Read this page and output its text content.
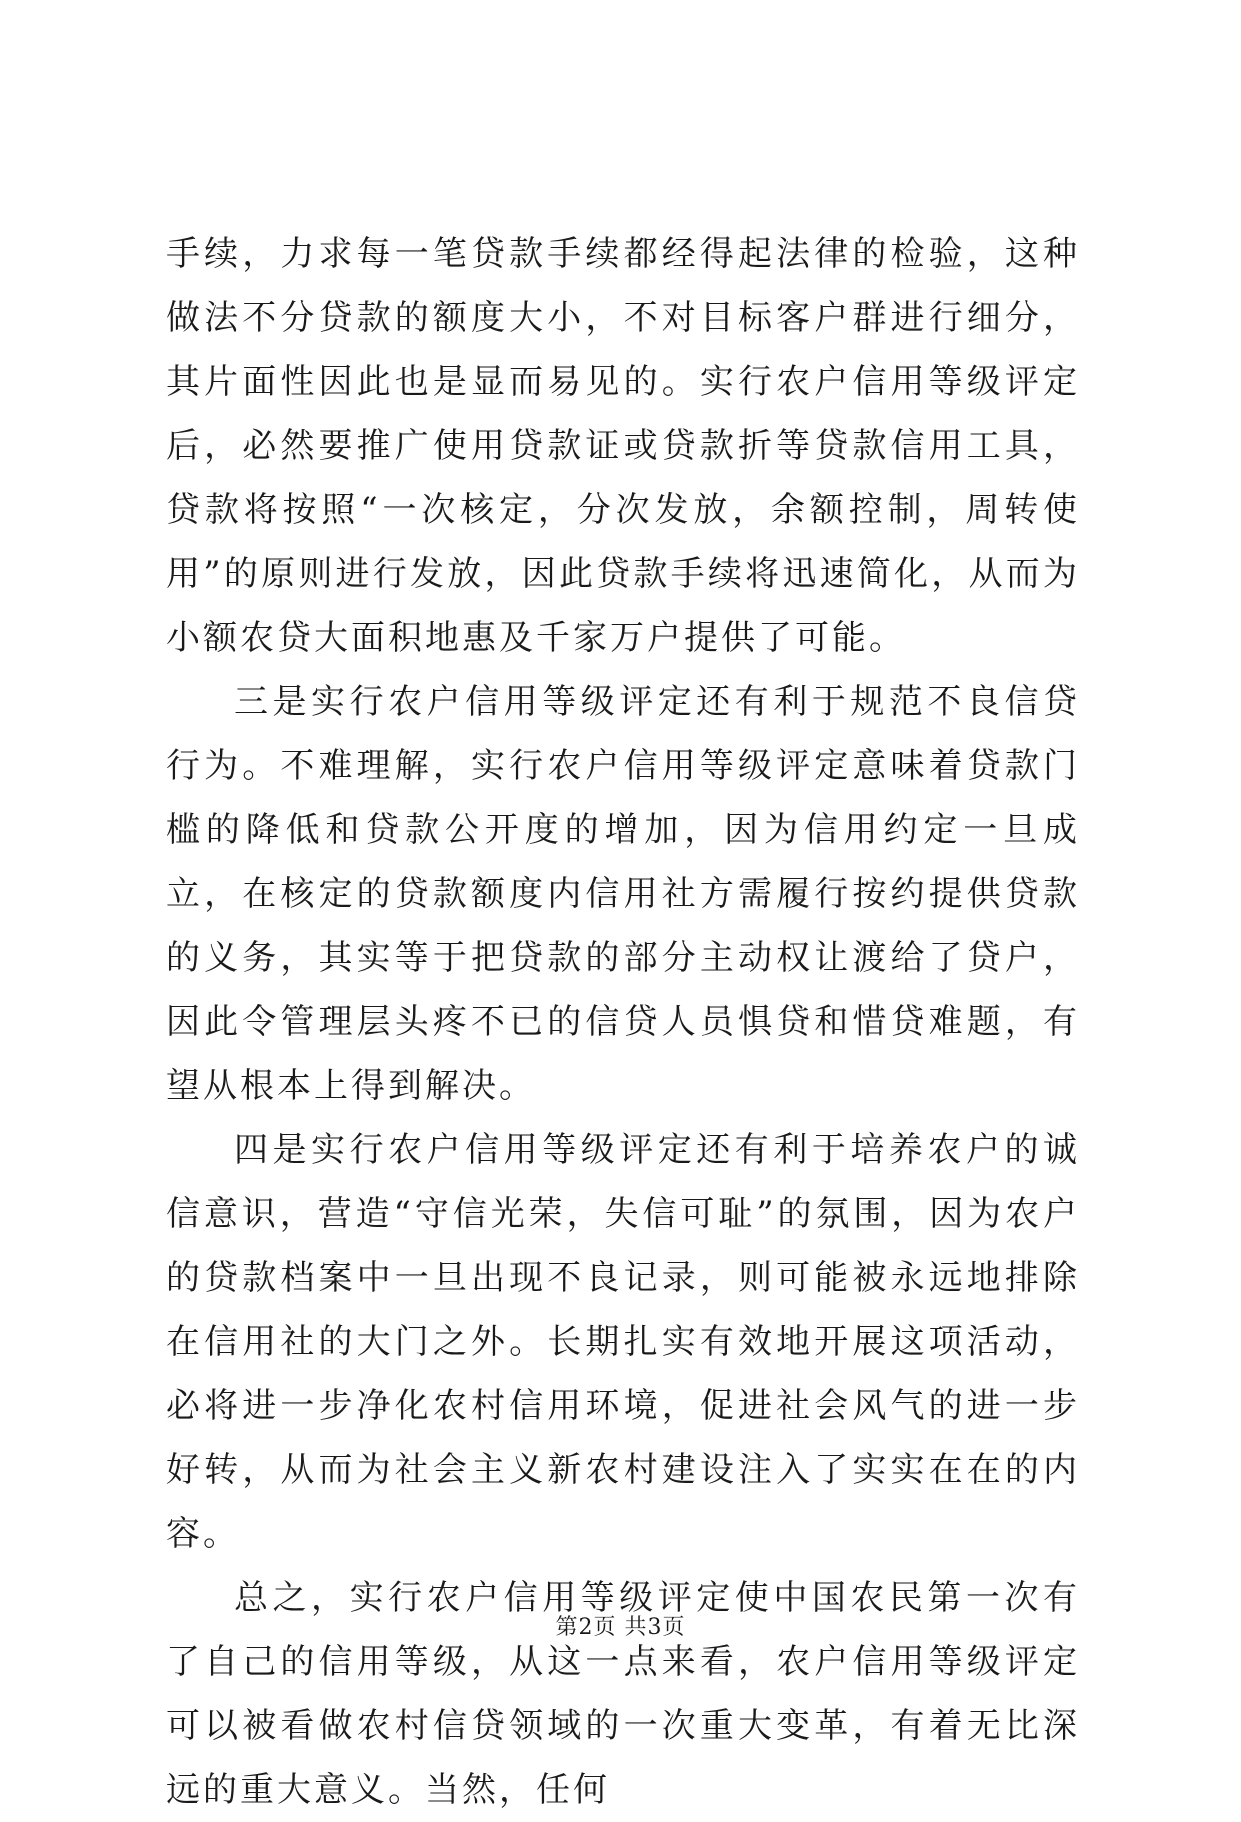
手续，力求每一笔贷款手续都经得起法律的检验，这种做法不分贷款的额度大小，不对目标客户群进行细分，其片面性因此也是显而易见的。实行农户信用等级评定后，必然要推广使用贷款证或贷款折等贷款信用工具，贷款将按照“一次核定，分次发放，余额控制，周转使用”的原则进行发放，因此贷款手续将迅速简化，从而为小额农贷大面积地惠及千家万户提供了可能。

三是实行农户信用等级评定还有利于规范不良信贷行为。不难理解，实行农户信用等级评定意味着贷款门槛的降低和贷款公开度的增加，因为信用约定一旦成立，在核定的贷款额度内信用社方需履行按约提供贷款的义务，其实等于把贷款的部分主动权让渡给了贷户，因此令管理层头疼不已的信贷人员惧贷和惜贷难题，有望从根本上得到解决。

四是实行农户信用等级评定还有利于培养农户的诚信意识，营造“守信光荣，失信可耻”的氛围，因为农户的贷款档案中一旦出现不良记录，则可能被永远地排除在信用社的大门之外。长期扎实有效地开展这项活动，必将进一步净化农村信用环境，促进社会风气的进一步好转，从而为社会主义新农村建设注入了实实在在的内容。

总之，实行农户信用等级评定使中国农民第一次有了自己的信用等级，从这一点来看，农户信用等级评定可以被看做农村信贷领域的一次重大变革，有着无比深远的重大意义。当然，任何

第2页 共3页
